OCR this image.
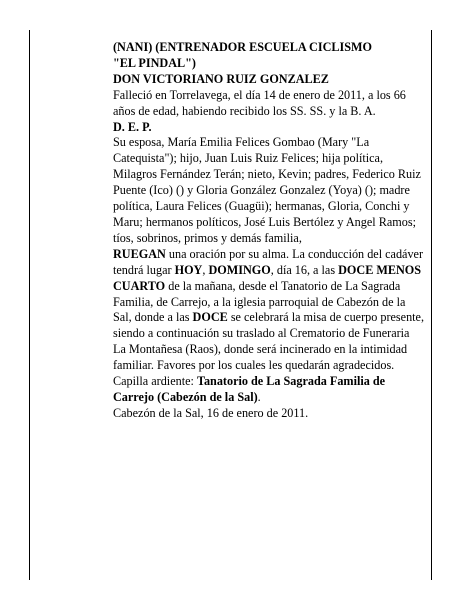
(NANI) (ENTRENADOR ESCUELA CICLISMO
"EL PINDAL")
DON VICTORIANO RUIZ GONZALEZ
Falleció en Torrelavega, el día 14 de enero de 2011, a los 66 años de edad, habiendo recibido los SS. SS. y la B. A.
D. E. P.
Su esposa, María Emilia Felices Gombao (Mary "La Catequista"); hijo, Juan Luis Ruiz Felices; hija política, Milagros Fernández Terán; nieto, Kevin; padres, Federico Ruiz Puente (Ico) () y Gloria González Gonzalez (Yoya) (); madre política, Laura Felices (Guagüi); hermanas, Gloria, Conchi y Maru; hermanos políticos, José Luis Bertólez y Angel Ramos; tíos, sobrinos, primos y demás familia,
RUEGAN una oración por su alma. La conducción del cadáver tendrá lugar HOY, DOMINGO, día 16, a las DOCE MENOS CUARTO de la mañana, desde el Tanatorio de La Sagrada Familia, de Carrejo, a la iglesia parroquial de Cabezón de la Sal, donde a las DOCE se celebrará la misa de cuerpo presente, siendo a continuación su traslado al Crematorio de Funeraria La Montañesa (Raos), donde será incinerado en la intimidad familiar. Favores por los cuales les quedarán agradecidos.
Capilla ardiente: Tanatorio de La Sagrada Familia de Carrejo (Cabezón de la Sal).
Cabezón de la Sal, 16 de enero de 2011.
